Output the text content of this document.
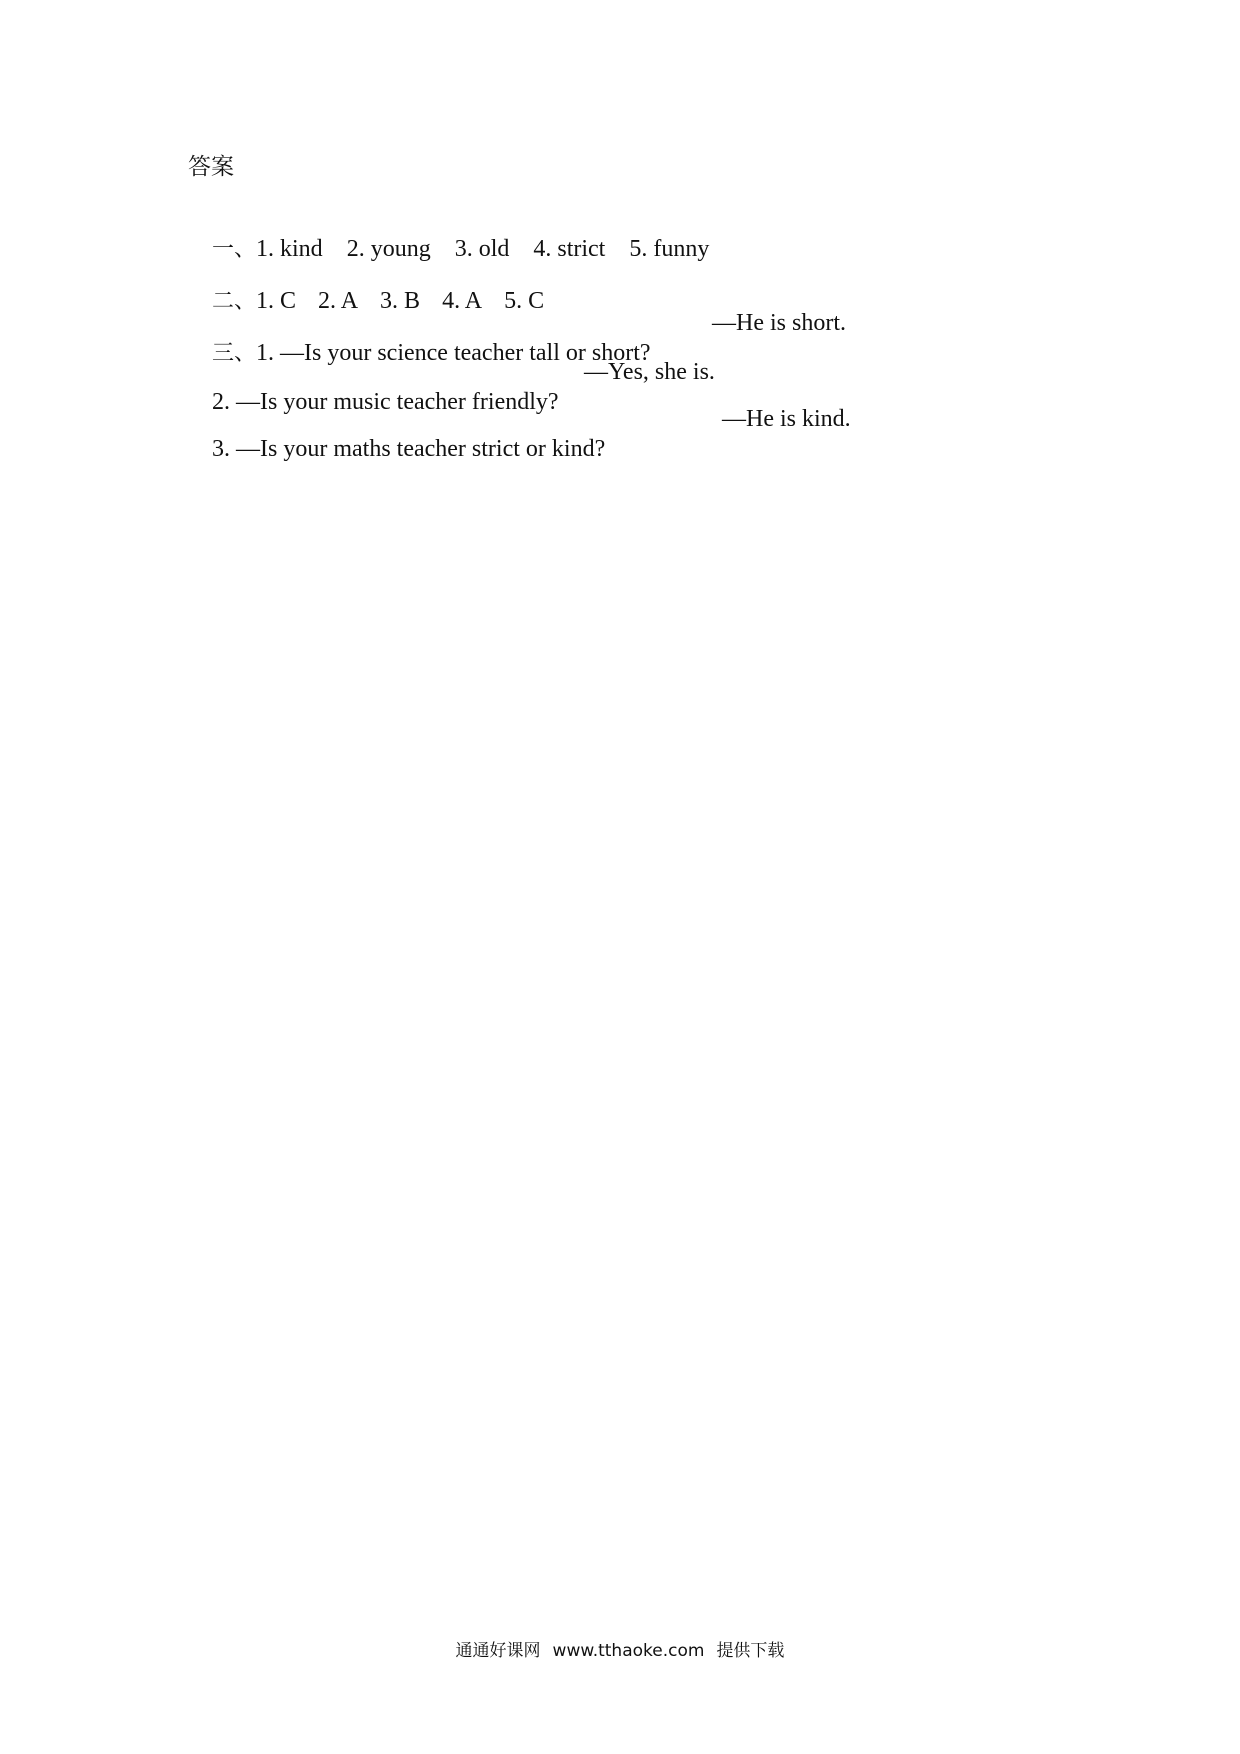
答案

一、1. kind 2. young 3. old 4. strict 5. funny

二、1. C 2. A 3. B 4. A 5. C

三、1. —Is your science teacher tall or short?

—He is short.

2. —Is your music teacher friendly?

—Yes, she is.

3. —Is your maths teacher strict or kind?

—He is kind.

通通好课网 www.tthaoke.com 提供下载
